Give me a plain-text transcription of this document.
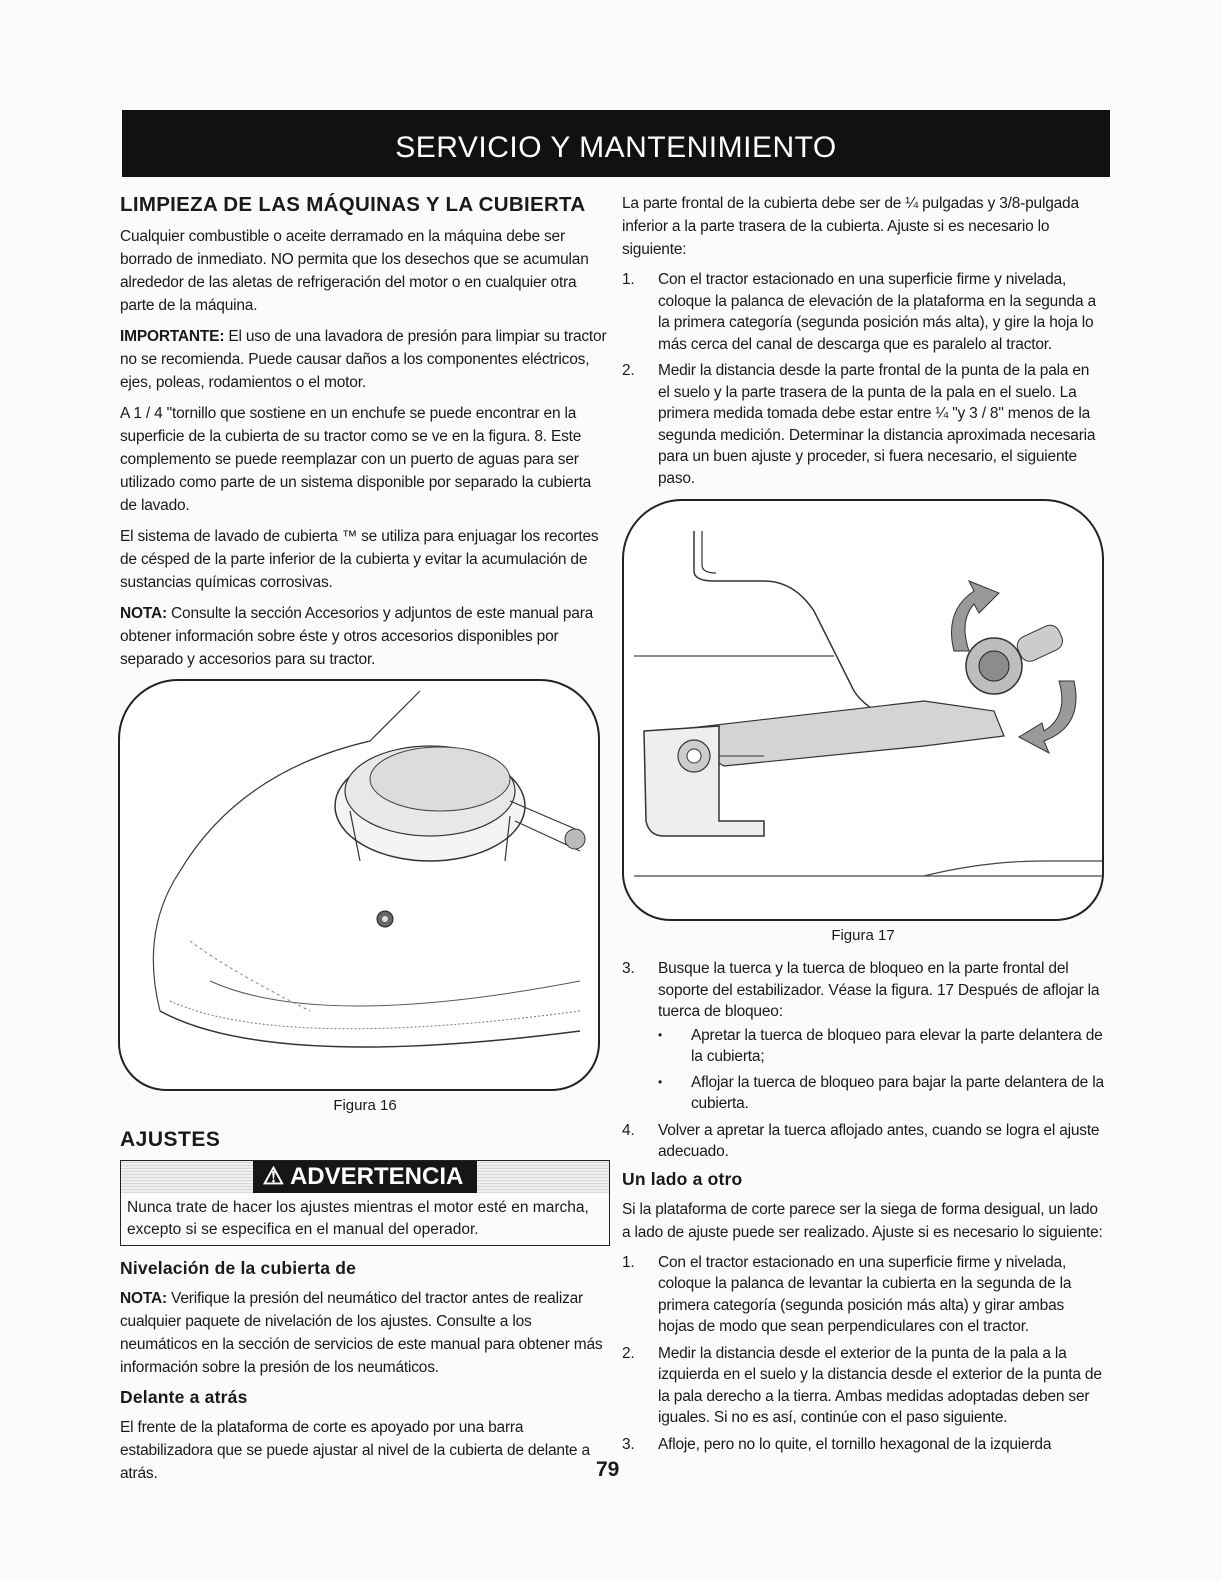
SERVICIO Y MANTENIMIENTO
LIMPIEZA DE LAS MÁQUINAS Y LA CUBIERTA

Cualquier combustible o aceite derramado en la máquina debe ser borrado de inmediato. NO permita que los desechos que se acumulan alrededor de las aletas de refrigeración del motor o en cualquier otra parte de la máquina.

IMPORTANTE: El uso de una lavadora de presión para limpiar su tractor no se recomienda. Puede causar daños a los componentes eléctricos, ejes, poleas, rodamientos o el motor.

A 1 / 4 "tornillo que sostiene en un enchufe se puede encontrar en la superficie de la cubierta de su tractor como se ve en la figura. 8. Este complemento se puede reemplazar con un puerto de aguas para ser utilizado como parte de un sistema disponible por separado la cubierta de lavado.

El sistema de lavado de cubierta ™ se utiliza para enjuagar los recortes de césped de la parte inferior de la cubierta y evitar la acumulación de sustancias químicas corrosivas.

NOTA: Consulte la sección Accesorios y adjuntos de este manual para obtener información sobre éste y otros accesorios disponibles por separado y accesorios para su tractor.

Figura 16
AJUSTES
⚠ ADVERTENCIA
Nunca trate de hacer los ajustes mientras el motor esté en marcha, excepto si se especifica en el manual del operador.
Nivelación de la cubierta de

NOTA: Verifique la presión del neumático del tractor antes de realizar cualquier paquete de nivelación de los ajustes. Consulte a los neumáticos en la sección de servicios de este manual para obtener más información sobre la presión de los neumáticos.

Delante a atrás

El frente de la plataforma de corte es apoyado por una barra estabilizadora que se puede ajustar al nivel de la cubierta de delante a atrás.

La parte frontal de la cubierta debe ser de ¼ pulgadas y 3/8-pulgada inferior a la parte trasera de la cubierta. Ajuste si es necesario lo siguiente:

1. Con el tractor estacionado en una superficie firme y nivelada, coloque la palanca de elevación de la plataforma en la segunda a la primera categoría (segunda posición más alta), y gire la hoja lo más cerca del canal de descarga que es paralelo al tractor.
2. Medir la distancia desde la parte frontal de la punta de la pala en el suelo y la parte trasera de la punta de la pala en el suelo. La primera medida tomada debe estar entre ¼ "y 3 / 8" menos de la segunda medición. Determinar la distancia aproximada necesaria para un buen ajuste y proceder, si fuera necesario, el siguiente paso.
Figura 17
3. Busque la tuerca y la tuerca de bloqueo en la parte frontal del soporte del estabilizador. Véase la figura. 17 Después de aflojar la tuerca de bloqueo:
• Apretar la tuerca de bloqueo para elevar la parte delantera de la cubierta;
• Aflojar la tuerca de bloqueo para bajar la parte delantera de la cubierta.
4. Volver a apretar la tuerca aflojado antes, cuando se logra el ajuste adecuado.
Un lado a otro

Si la plataforma de corte parece ser la siega de forma desigual, un lado a lado de ajuste puede ser realizado. Ajuste si es necesario lo siguiente:

1. Con el tractor estacionado en una superficie firme y nivelada, coloque la palanca de levantar la cubierta en la segunda de la primera categoría (segunda posición más alta) y girar ambas hojas de modo que sean perpendiculares con el tractor.
2. Medir la distancia desde el exterior de la punta de la pala a la izquierda en el suelo y la distancia desde el exterior de la punta de la pala derecho a la tierra. Ambas medidas adoptadas deben ser iguales. Si no es así, continúe con el paso siguiente.
3. Afloje, pero no lo quite, el tornillo hexagonal de la izquierda
79
